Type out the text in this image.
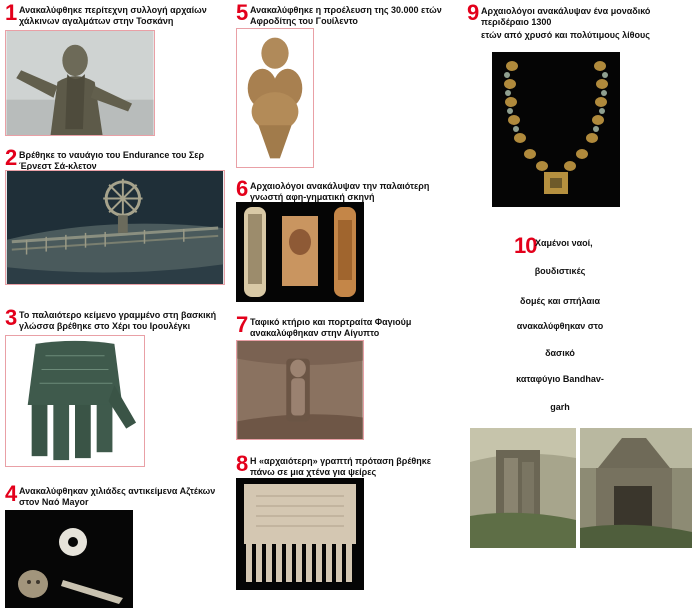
1 Ανακαλύφθηκε περίτεχνη συλλογή αρχαίων χάλκινων αγαλμάτων στην Τοσκάνη
2 Βρέθηκε το ναυάγιο του Endurance του Σερ Έρνεστ Σά-κλετον
3 Το παλαιότερο κείμενο γραμμένο στη βασκική γλώσσα βρέθηκε στο Χέρι του Ιρουλέγκι
4 Ανακαλύφθηκαν χιλιάδες αντικείμενα Αζτέκων στον Ναό Mayor
5 Ανακαλύφθηκε η προέλευση της 30.000 ετών Αφροδίτης του Γουίλεντο
6 Αρχαιολόγοι ανακάλυψαν την παλαιότερη γνωστή αφη-γηματική σκηνή
7 Ταφικό κτήριο και πορτραίτα Φαγιούμ ανακαλύφθηκαν στην Αίγυπτο
8 Η «αρχαιότερη» γραπτή πρόταση βρέθηκε πάνω σε μια χτένα για ψείρες
9 Αρχαιολόγοι ανακάλυψαν ένα μοναδικό περιδέραιο 1300
ετών από χρυσό και πολύτιμους λίθους
10
Χαμένοι ναοί,
βουδιστικές
δομές και σπήλαια
ανακαλύφθηκαν στο
δασικό
καταφύγιο Bandhav-
garh
